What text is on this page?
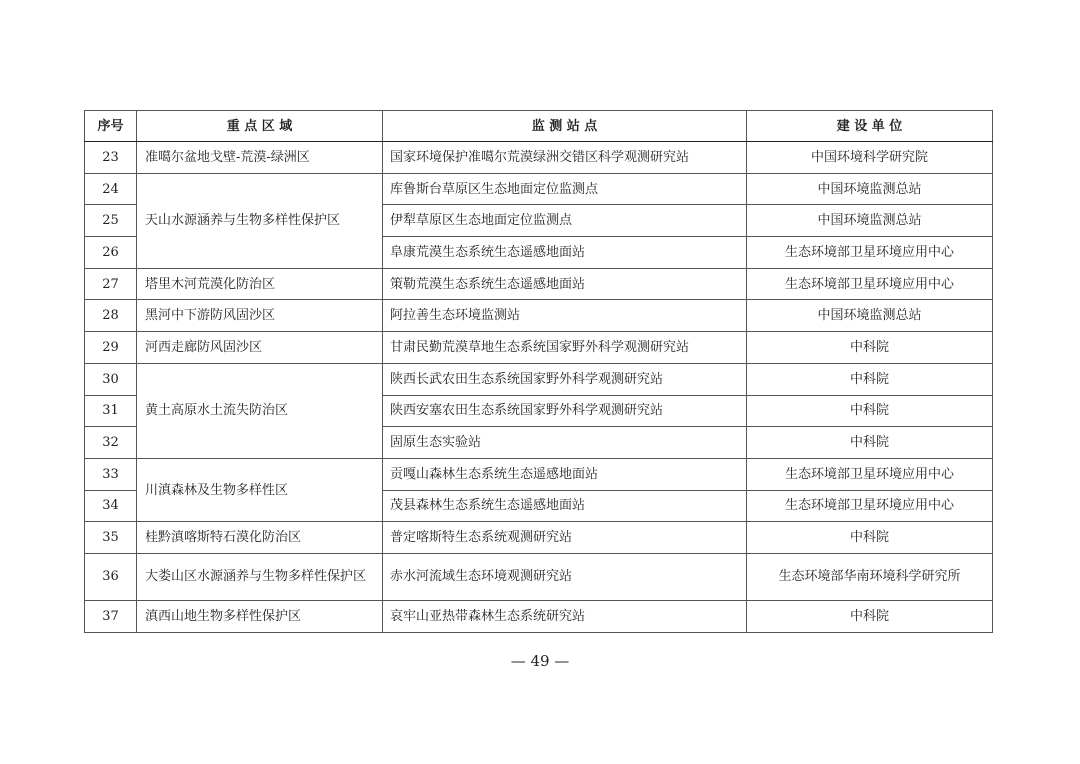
序号	重 点 区 域	监 测 站 点	建 设 单 位
23	准噶尔盆地戈壁-荒漠-绿洲区	国家环境保护准噶尔荒漠绿洲交错区科学观测研究站	中国环境科学研究院
24	天山水源涵养与生物多样性保护区	库鲁斯台草原区生态地面定位监测点	中国环境监测总站
25		伊犁草原区生态地面定位监测点	中国环境监测总站
26		阜康荒漠生态系统生态遥感地面站	生态环境部卫星环境应用中心
27	塔里木河荒漠化防治区	策勒荒漠生态系统生态遥感地面站	生态环境部卫星环境应用中心
28	黑河中下游防风固沙区	阿拉善生态环境监测站	中国环境监测总站
29	河西走廊防风固沙区	甘肃民勤荒漠草地生态系统国家野外科学观测研究站	中科院
30	黄土高原水土流失防治区	陕西长武农田生态系统国家野外科学观测研究站	中科院
31		陕西安塞农田生态系统国家野外科学观测研究站	中科院
32		固原生态实验站	中科院
33	川滇森林及生物多样性区	贡嘎山森林生态系统生态遥感地面站	生态环境部卫星环境应用中心
34		茂县森林生态系统生态遥感地面站	生态环境部卫星环境应用中心
35	桂黔滇喀斯特石漠化防治区	普定喀斯特生态系统观测研究站	中科院
36	大娄山区水源涵养与生物多样性保护区	赤水河流域生态环境观测研究站	生态环境部华南环境科学研究所
37	滇西山地生物多样性保护区	哀牢山亚热带森林生态系统研究站	中科院
— 49 —
